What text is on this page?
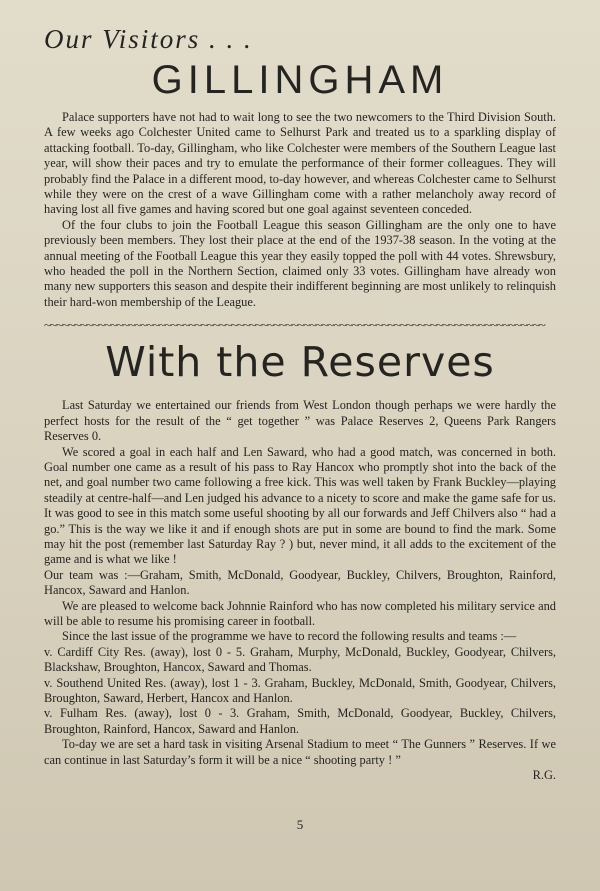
Our Visitors . . .
GILLINGHAM

Palace supporters have not had to wait long to see the two newcomers to the Third Division South. A few weeks ago Colchester United came to Selhurst Park and treated us to a sparkling display of attacking football. To-day, Gillingham, who like Colchester were members of the Southern League last year, will show their paces and try to emulate the performance of their former colleagues. They will probably find the Palace in a different mood, to-day however, and whereas Colchester came to Selhurst while they were on the crest of a wave Gillingham come with a rather melancholy away record of having lost all five games and having scored but one goal against seventeen conceded.

Of the four clubs to join the Football League this season Gillingham are the only one to have previously been members. They lost their place at the end of the 1937-38 season. In the voting at the annual meeting of the Football League this year they easily topped the poll with 44 votes. Shrewsbury, who headed the poll in the Northern Section, claimed only 33 votes. Gillingham have already won many new supporters this season and despite their indifferent beginning are most unlikely to relinquish their hard-won membership of the League.

~~~~~~~~~~~~~~~~~~~~~~~~~~~~~~~~~~~~~~~~~~~~~~~~~~~~~~~~~~~~~~~~~~~~~~~~~~~~~~~~~~~
With the Reserves

Last Saturday we entertained our friends from West London though perhaps we were hardly the perfect hosts for the result of the “ get together ” was Palace Reserves 2, Queens Park Rangers Reserves 0.

We scored a goal in each half and Len Saward, who had a good match, was concerned in both. Goal number one came as a result of his pass to Ray Hancox who promptly shot into the back of the net, and goal number two came following a free kick. This was well taken by Frank Buckley—playing steadily at centre-half—and Len judged his advance to a nicety to score and make the game safe for us. It was good to see in this match some useful shooting by all our forwards and Jeff Chilvers also “ had a go.” This is the way we like it and if enough shots are put in some are bound to find the mark. Some may hit the post (remember last Saturday Ray ? ) but, never mind, it all adds to the excitement of the game and is what we like !

Our team was :—Graham, Smith, McDonald, Goodyear, Buckley, Chilvers, Broughton, Rainford, Hancox, Saward and Hanlon.

We are pleased to welcome back Johnnie Rainford who has now completed his military service and will be able to resume his promising career in football.

Since the last issue of the programme we have to record the following results and teams :—

v. Cardiff City Res. (away), lost 0 - 5. Graham, Murphy, McDonald, Buckley, Goodyear, Chilvers, Blackshaw, Broughton, Hancox, Saward and Thomas.

v. Southend United Res. (away), lost 1 - 3. Graham, Buckley, McDonald, Smith, Goodyear, Chilvers, Broughton, Saward, Herbert, Hancox and Hanlon.

v. Fulham Res. (away), lost 0 - 3. Graham, Smith, McDonald, Goodyear, Buckley, Chilvers, Broughton, Rainford, Hancox, Saward and Hanlon.

To-day we are set a hard task in visiting Arsenal Stadium to meet “ The Gunners ” Reserves. If we can continue in last Saturday’s form it will be a nice “ shooting party ! ”

R.G.

5
